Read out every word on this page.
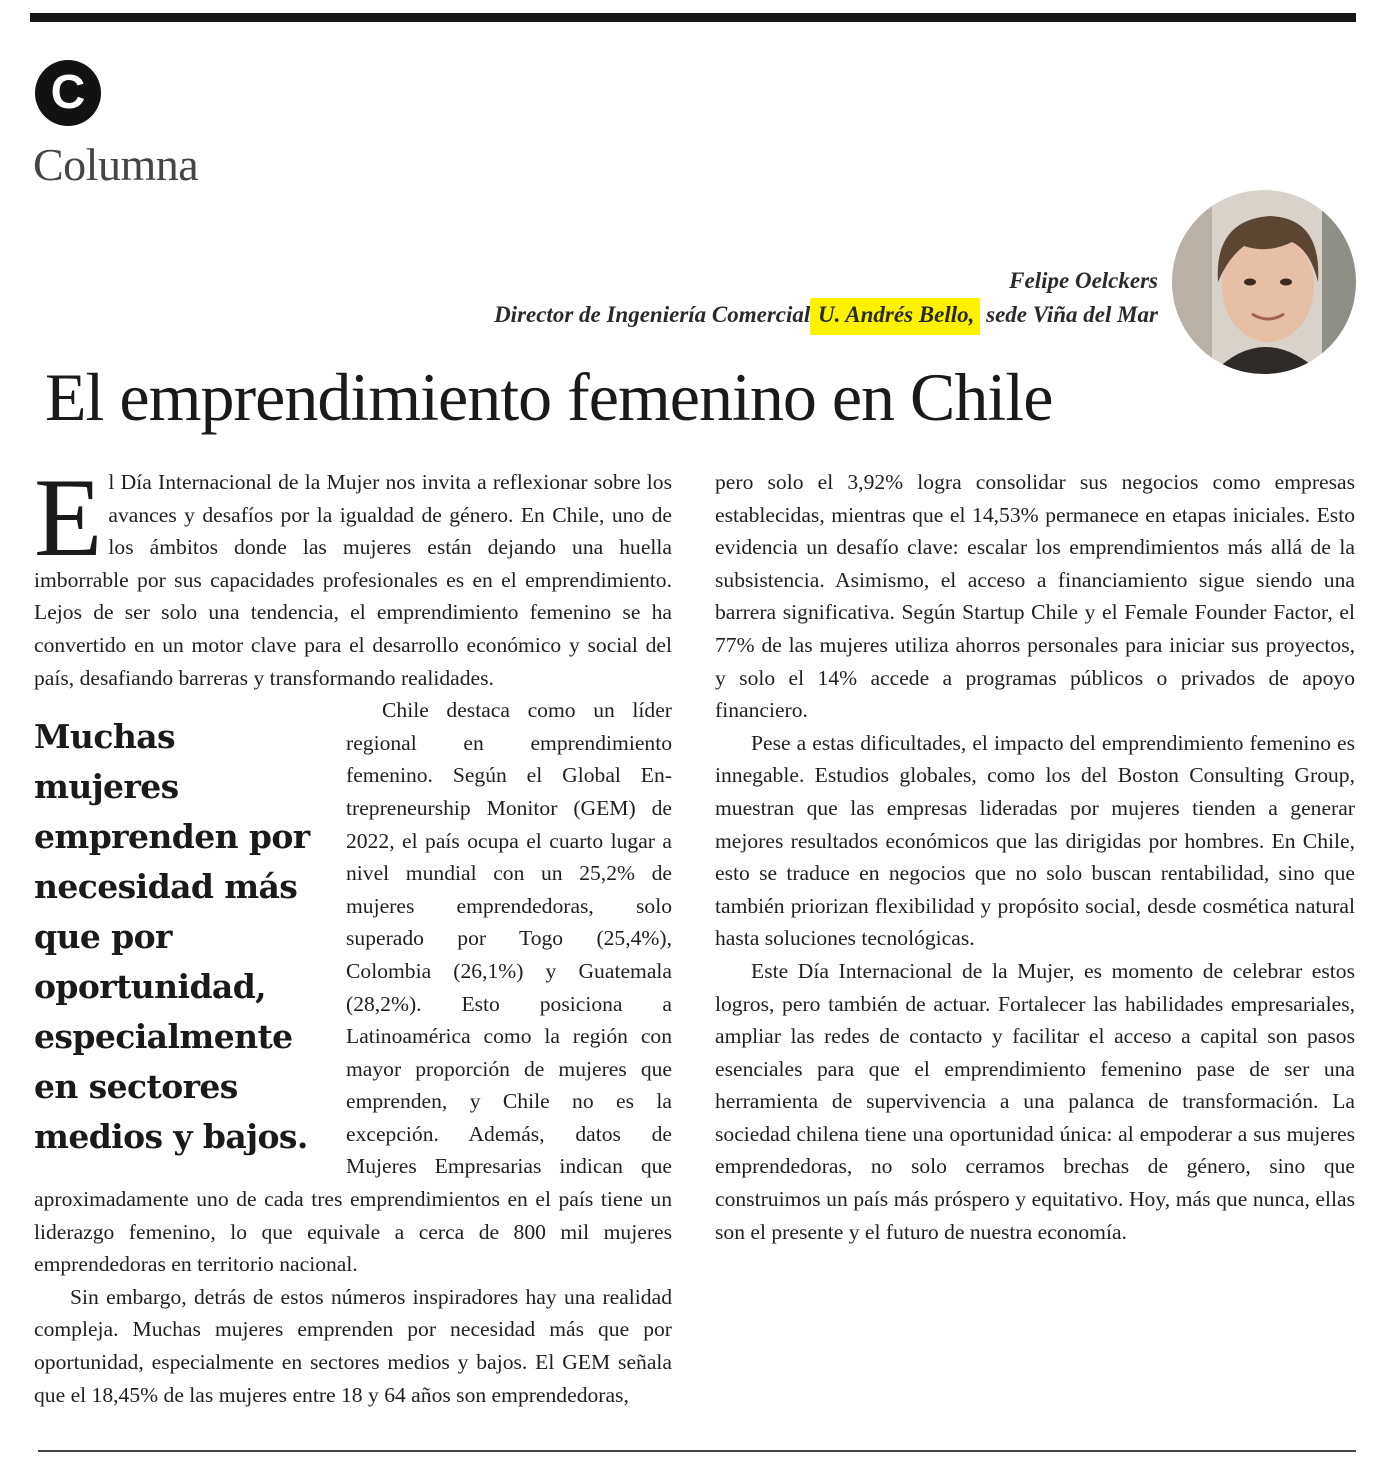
C
Columna
Felipe Oelckers
Director de Ingeniería Comercial U. Andrés Bello, sede Viña del Mar
El emprendimiento femenino en Chile

El Día Internacional de la Mujer nos invita a reflexionar sobre los avances y desafíos por la igualdad de género. En Chile, uno de los ámbitos donde las mujeres están dejando una huella imborrable por sus capacidades profesionales es en el emprendimiento. Lejos de ser solo una tendencia, el emprendimiento femenino se ha convertido en un motor clave para el desarrollo económico y social del país, desafiando barreras y transformando realidades.

Muchas mujeres emprenden por necesidad más que por oportunidad, especialmente en sectores medios y bajos.

Chile destaca como un líder regional en emprendimiento femenino. Según el Global Entrepreneurship Monitor (GEM) de 2022, el país ocupa el cuarto lugar a nivel mundial con un 25,2% de mujeres emprendedoras, solo superado por Togo (25,4%), Colombia (26,1%) y Guatemala (28,2%). Esto posiciona a Latinoamérica como la región con mayor proporción de mujeres que emprenden, y Chile no es la excepción. Además, datos de Mujeres Empresarias indican que aproximadamente uno de cada tres emprendimientos en el país tiene un liderazgo femenino, lo que equivale a cerca de 800 mil mujeres emprendedoras en territorio nacional.

Sin embargo, detrás de estos números inspiradores hay una realidad compleja. Muchas mujeres emprenden por necesidad más que por oportunidad, especialmente en sectores medios y bajos. El GEM señala que el 18,45% de las mujeres entre 18 y 64 años son emprendedoras,

pero solo el 3,92% logra consolidar sus negocios como empresas establecidas, mientras que el 14,53% permanece en etapas iniciales. Esto evidencia un desafío clave: escalar los emprendimientos más allá de la subsistencia. Asimismo, el acceso a financiamiento sigue siendo una barrera significativa. Según Startup Chile y el Female Founder Factor, el 77% de las mujeres utiliza ahorros personales para iniciar sus proyectos, y solo el 14% accede a programas públicos o privados de apoyo financiero.

Pese a estas dificultades, el impacto del emprendimiento femenino es innegable. Estudios globales, como los del Boston Consulting Group, muestran que las empresas lideradas por mujeres tienden a generar mejores resultados económicos que las dirigidas por hombres. En Chile, esto se traduce en negocios que no solo buscan rentabilidad, sino que también priorizan flexibilidad y propósito social, desde cosmética natural hasta soluciones tecnológicas.

Este Día Internacional de la Mujer, es momento de celebrar estos logros, pero también de actuar. Fortalecer las habilidades empresariales, ampliar las redes de contacto y facilitar el acceso a capital son pasos esenciales para que el emprendimiento femenino pase de ser una herramienta de supervivencia a una palanca de transformación. La sociedad chilena tiene una oportunidad única: al empoderar a sus mujeres emprendedoras, no solo cerramos brechas de género, sino que construimos un país más próspero y equitativo. Hoy, más que nunca, ellas son el presente y el futuro de nuestra economía.
